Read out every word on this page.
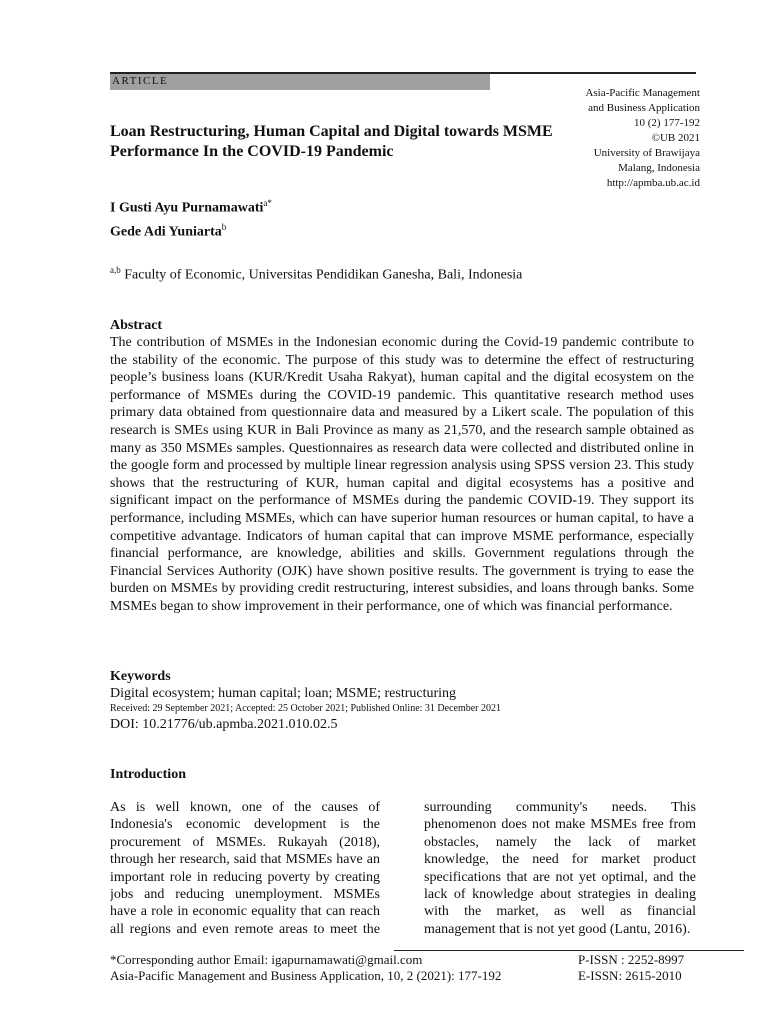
ARTICLE
Asia-Pacific Management
and Business Application
10 (2) 177-192
©UB 2021
University of Brawijaya
Malang, Indonesia
http://apmba.ub.ac.id
Loan Restructuring, Human Capital and Digital towards MSME Performance In the COVID-19 Pandemic
I Gusti Ayu Purnamawati$^{a*}$
Gede Adi Yuniarta$^b$
$^{a,b}$ Faculty of Economic, Universitas Pendidikan Ganesha, Bali, Indonesia
Abstract
The contribution of MSMEs in the Indonesian economic during the Covid-19 pandemic contribute to the stability of the economic. The purpose of this study was to determine the effect of restructuring people’s business loans (KUR/Kredit Usaha Rakyat), human capital and the digital ecosystem on the performance of MSMEs during the COVID-19 pandemic. This quantitative research method uses primary data obtained from questionnaire data and measured by a Likert scale. The population of this research is SMEs using KUR in Bali Province as many as 21,570, and the research sample obtained as many as 350 MSMEs samples. Questionnaires as research data were collected and distributed online in the google form and processed by multiple linear regression analysis using SPSS version 23. This study shows that the restructuring of KUR, human capital and digital ecosystems has a positive and significant impact on the performance of MSMEs during the pandemic COVID-19. They support its performance, including MSMEs, which can have superior human resources or human capital, to have a competitive advantage. Indicators of human capital that can improve MSME performance, especially financial performance, are knowledge, abilities and skills. Government regulations through the Financial Services Authority (OJK) have shown positive results. The government is trying to ease the burden on MSMEs by providing credit restructuring, interest subsidies, and loans through banks. Some MSMEs began to show improvement in their performance, one of which was financial performance.
Keywords
Digital ecosystem; human capital; loan; MSME; restructuring
Received: 29 September 2021; Accepted: 25 October 2021; Published Online: 31 December 2021
DOI: 10.21776/ub.apmba.2021.010.02.5
Introduction
As is well known, one of the causes of Indonesia's economic development is the procurement of MSMEs. Rukayah (2018), through her research, said that MSMEs have an important role in reducing poverty by creating jobs and reducing unemployment. MSMEs have a role in economic equality that can reach all regions and even remote areas to meet the
surrounding community's needs. This phenomenon does not make MSMEs free from obstacles, namely the lack of market knowledge, the need for market product specifications that are not yet optimal, and the lack of knowledge about strategies in dealing with the market, as well as financial management that is not yet good (Lantu, 2016).
*Corresponding author Email: igapurnamawati@gmail.com
Asia-Pacific Management and Business Application, 10, 2 (2021): 177-192
P-ISSN : 2252-8997
E-ISSN: 2615-2010
